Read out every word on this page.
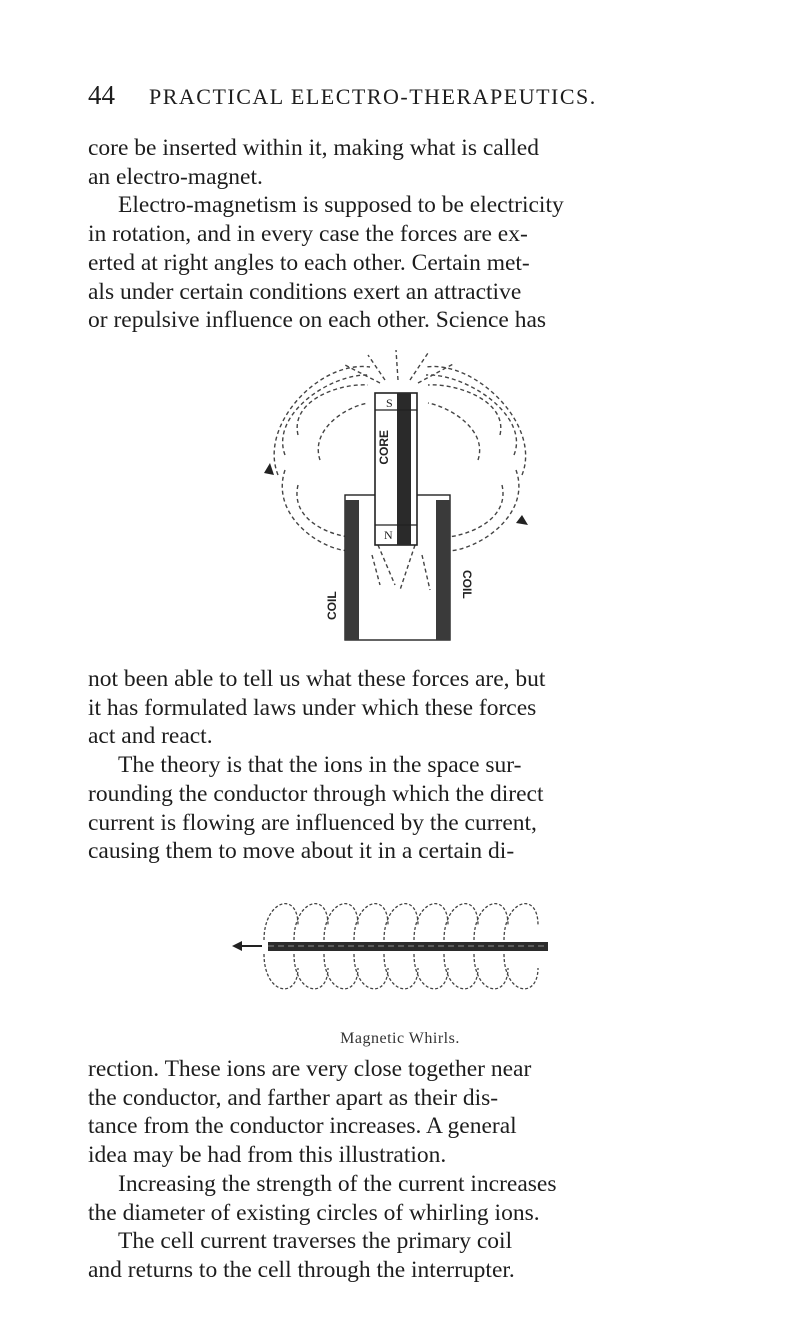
44 PRACTICAL ELECTRO-THERAPEUTICS.

core be inserted within it, making what is called
an electro-magnet.
Electro-magnetism is supposed to be electricity
in rotation, and in every case the forces are ex-
erted at right angles to each other. Certain met-
als under certain conditions exert an attractive
or repulsive influence on each other. Science has

S
N
CORE
COIL
COIL

not been able to tell us what these forces are, but
it has formulated laws under which these forces
act and react.
The theory is that the ions in the space sur-
rounding the conductor through which the direct
current is flowing are influenced by the current,
causing them to move about it in a certain di-

Magnetic Whirls.

rection. These ions are very close together near
the conductor, and farther apart as their dis-
tance from the conductor increases. A general
idea may be had from this illustration.
Increasing the strength of the current increases
the diameter of existing circles of whirling ions.
The cell current traverses the primary coil
and returns to the cell through the interrupter.
